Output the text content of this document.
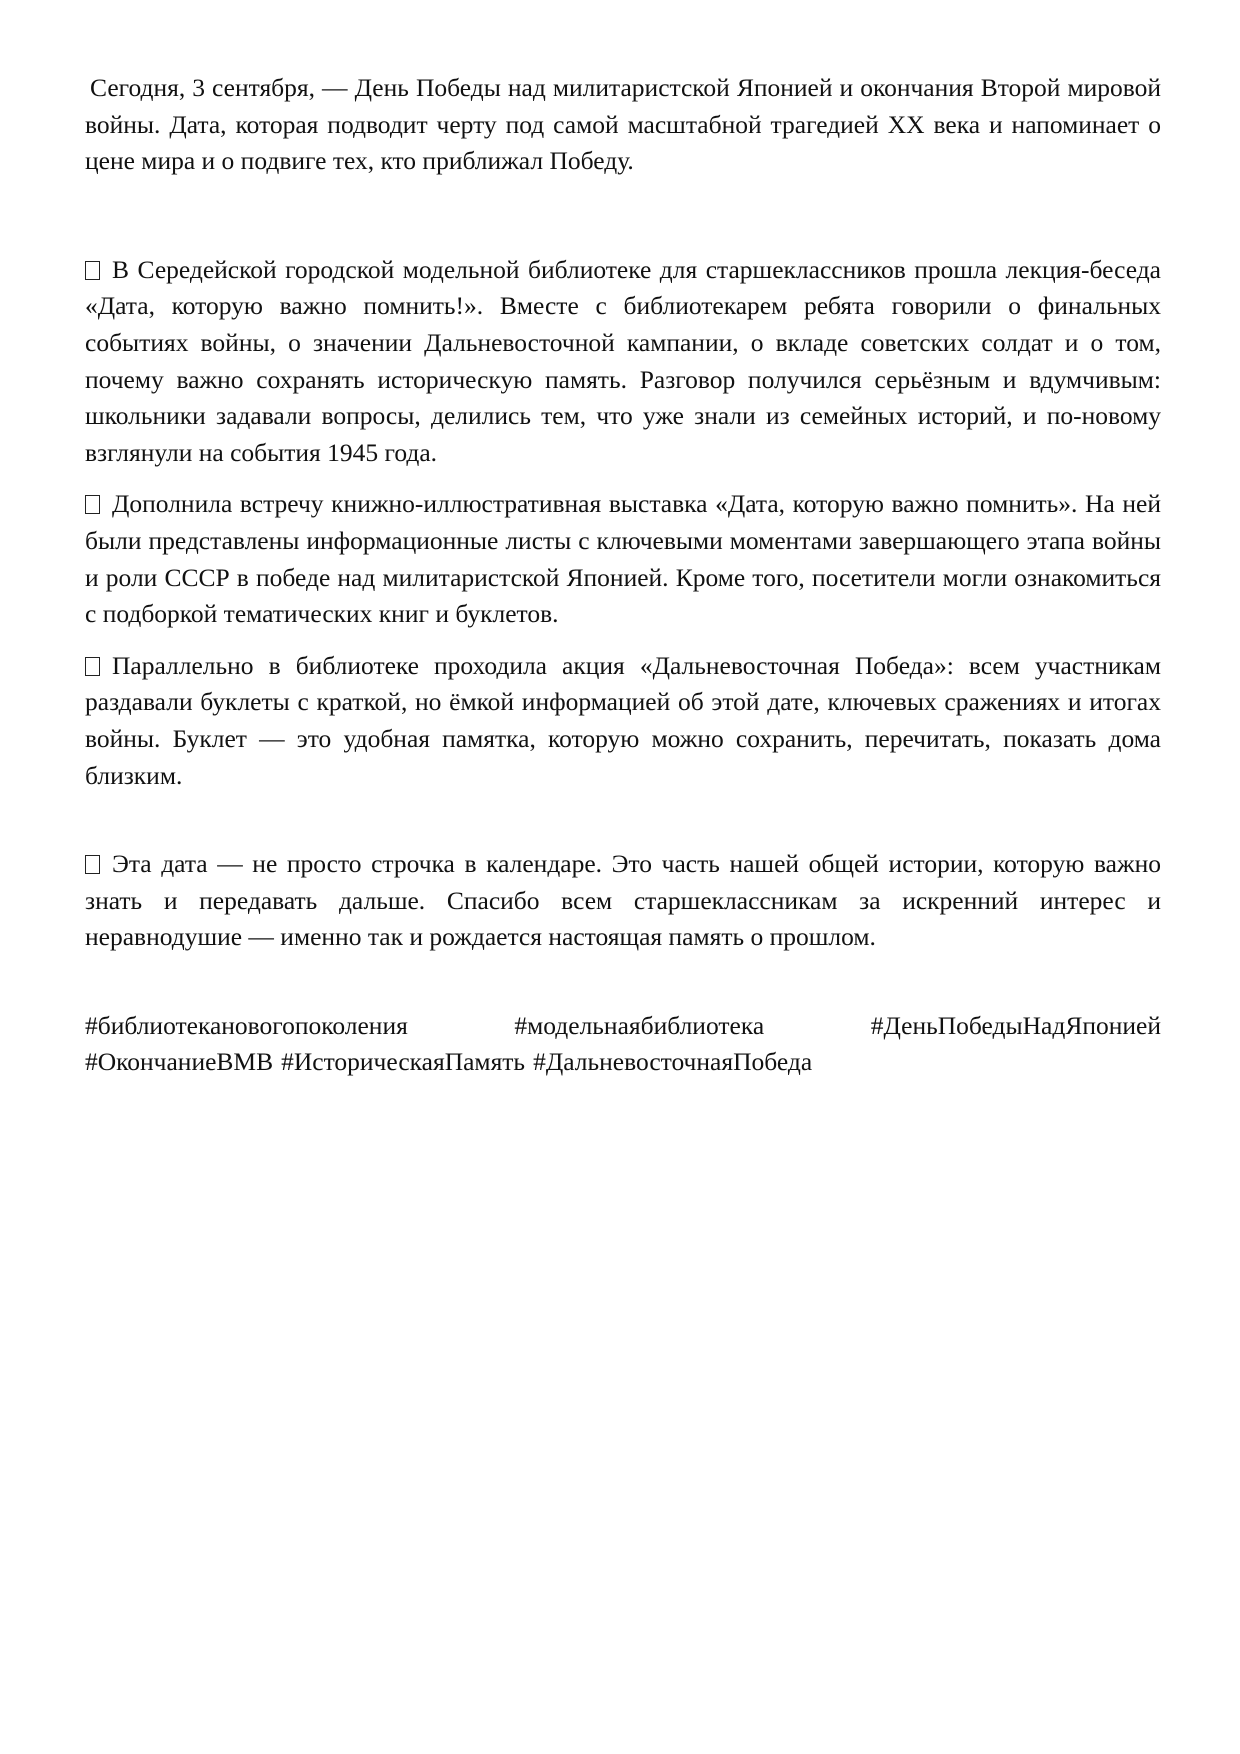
Сегодня, 3 сентября, — День Победы над милитаристской Японией и окончания Второй мировой войны. Дата, которая подводит черту под самой масштабной трагедией XX века и напоминает о цене мира и о подвиге тех, кто приближал Победу.

В Середейской городской модельной библиотеке для старшеклассников прошла лекция-беседа «Дата, которую важно помнить!». Вместе с библиотекарем ребята говорили о финальных событиях войны, о значении Дальневосточной кампании, о вкладе советских солдат и о том, почему важно сохранять историческую память. Разговор получился серьёзным и вдумчивым: школьники задавали вопросы, делились тем, что уже знали из семейных историй, и по-новому взглянули на события 1945 года.

Дополнила встречу книжно-иллюстративная выставка «Дата, которую важно помнить». На ней были представлены информационные листы с ключевыми моментами завершающего этапа войны и роли СССР в победе над милитаристской Японией. Кроме того, посетители могли ознакомиться с подборкой тематических книг и буклетов.

Параллельно в библиотеке проходила акция «Дальневосточная Победа»: всем участникам раздавали буклеты с краткой, но ёмкой информацией об этой дате, ключевых сражениях и итогах войны. Буклет — это удобная памятка, которую можно сохранить, перечитать, показать дома близким.

Эта дата — не просто строчка в календаре. Это часть нашей общей истории, которую важно знать и передавать дальше. Спасибо всем старшеклассникам за искренний интерес и неравнодушие — именно так и рождается настоящая память о прошлом.

#библиотекановогопоколения	#модельнаябиблиотека	#ДеньПобедыНадЯпонией
#ОкончаниеВМВ #ИсторическаяПамять #ДальневосточнаяПобеда
